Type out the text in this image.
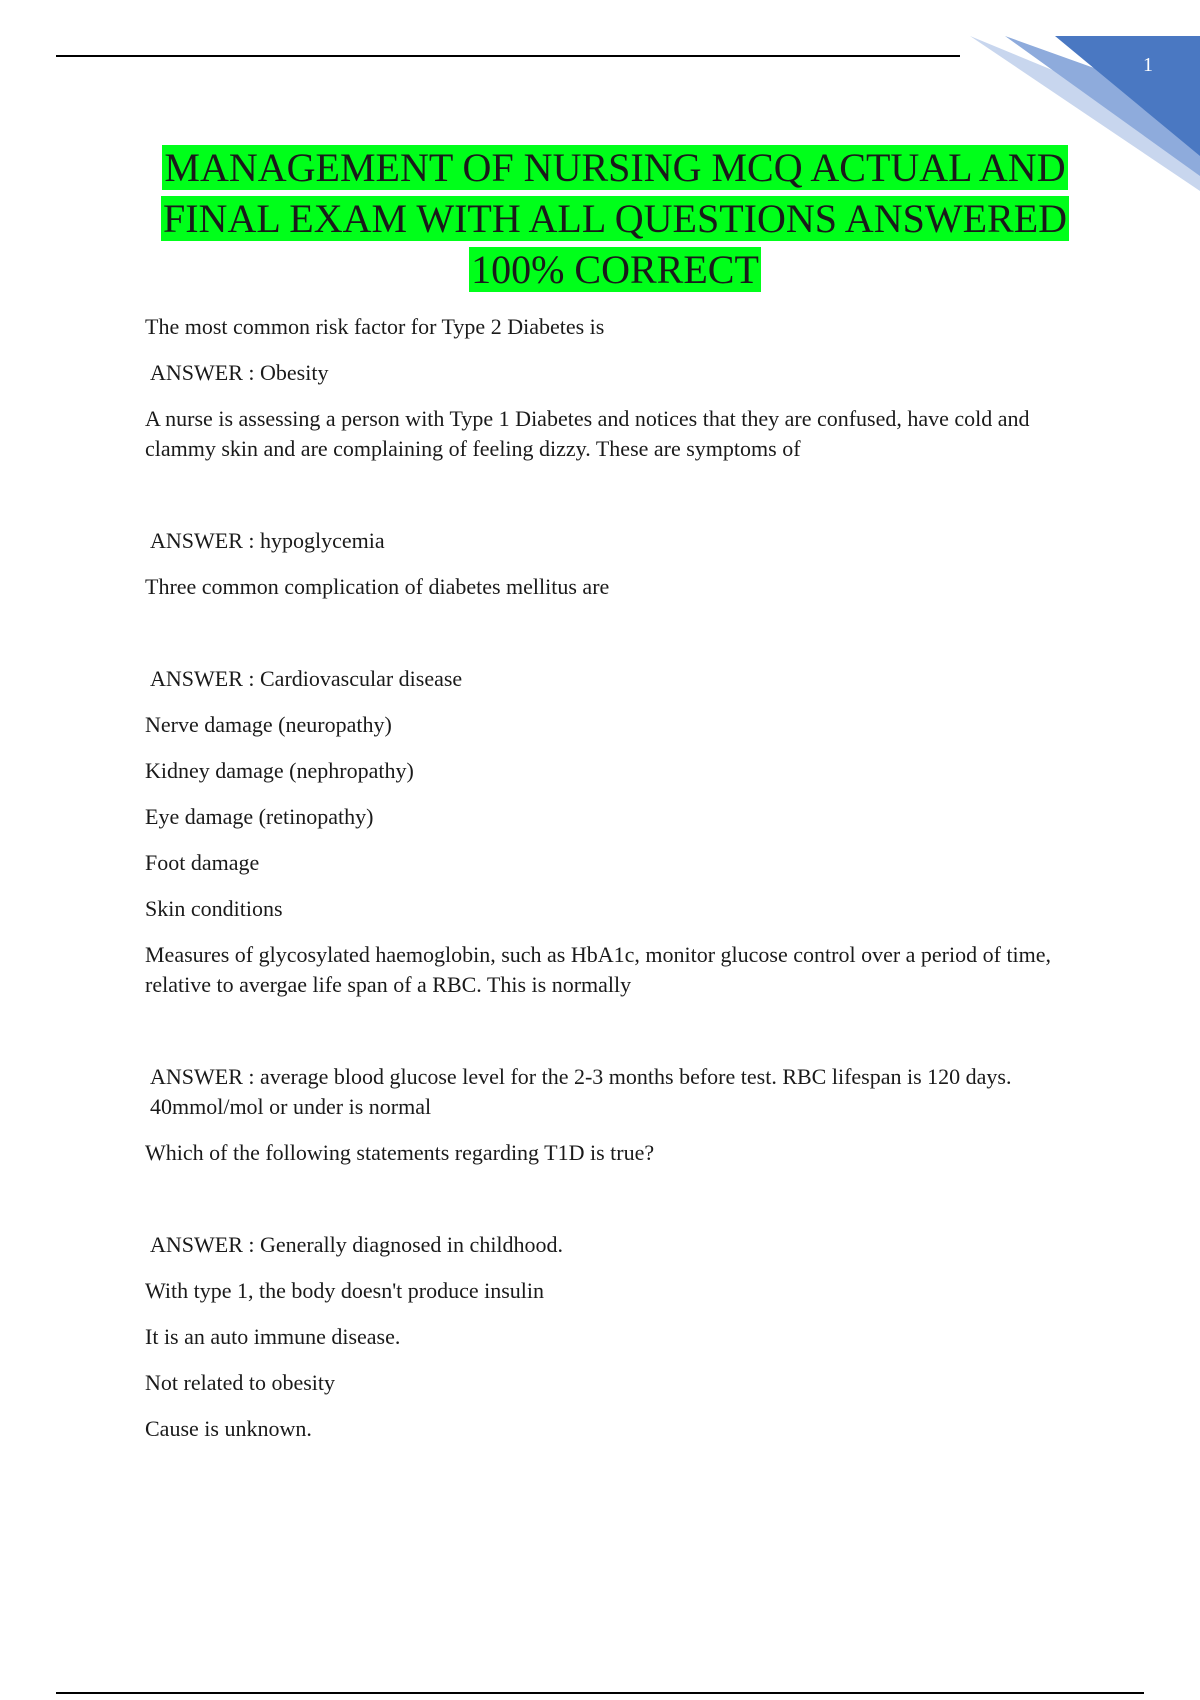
1
MANAGEMENT OF NURSING MCQ ACTUAL AND
FINAL EXAM WITH ALL QUESTIONS ANSWERED
100% CORRECT

The most common risk factor for Type 2 Diabetes is

ANSWER : Obesity

A nurse is assessing a person with Type 1 Diabetes and notices that they are confused, have cold and clammy skin and are complaining of feeling dizzy. These are symptoms of

ANSWER : hypoglycemia

Three common complication of diabetes mellitus are

ANSWER : Cardiovascular disease

Nerve damage (neuropathy)

Kidney damage (nephropathy)

Eye damage (retinopathy)

Foot damage

Skin conditions

Measures of glycosylated haemoglobin, such as HbA1c, monitor glucose control over a period of time, relative to avergae life span of a RBC. This is normally

ANSWER : average blood glucose level for the 2-3 months before test. RBC lifespan is 120 days. 40mmol/mol or under is normal

Which of the following statements regarding T1D is true?

ANSWER : Generally diagnosed in childhood.

With type 1, the body doesn't produce insulin

It is an auto immune disease.

Not related to obesity

Cause is unknown.
